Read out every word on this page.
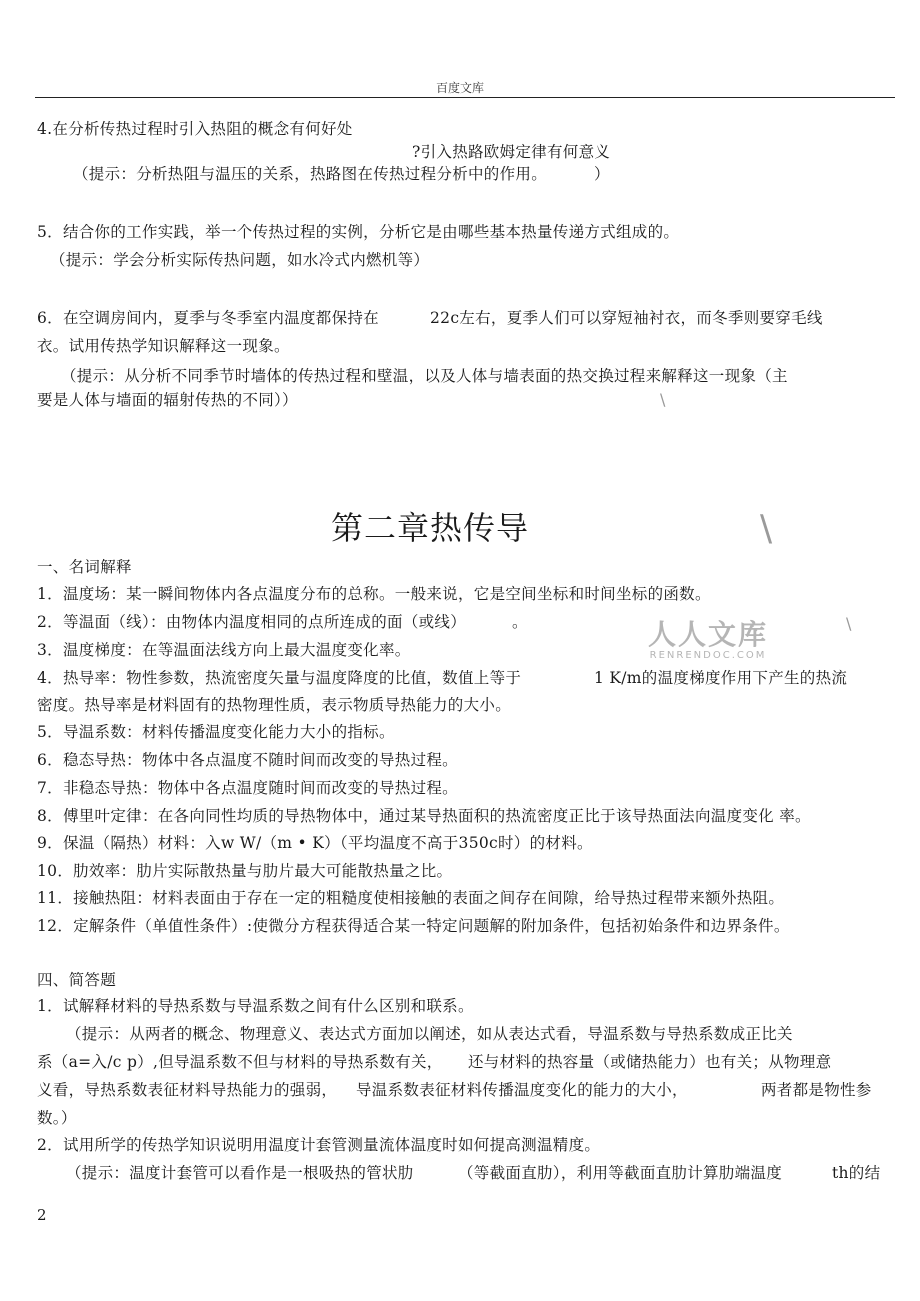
百度文库
4.在分析传热过程时引入热阻的概念有何好处
?引入热路欧姆定律有何意义
（提示：分析热阻与温压的关系，热路图在传热过程分析中的作用。	）
5．结合你的工作实践，举一个传热过程的实例，分析它是由哪些基本热量传递方式组成的。
（提示：学会分析实际传热问题，如水冷式内燃机等）
6．在空调房间内，夏季与冬季室内温度都保持在	22c左右，夏季人们可以穿短袖衬衣，而冬季则要穿毛线
衣。试用传热学知识解释这一现象。
（提示：从分析不同季节时墙体的传热过程和壁温，以及人体与墙表面的热交换过程来解释这一现象（主
要是人体与墙面的辐射传热的不同））	\
第二章热传导	\
一、名词解释
1．温度场：某一瞬间物体内各点温度分布的总称。一般来说，它是空间坐标和时间坐标的函数。
2．等温面（线）：由物体内温度相同的点所连成的面（或线）	。	\
3．温度梯度：在等温面法线方向上最大温度变化率。	人人文库
RENRENDOC.COM
4．热导率：物性参数，热流密度矢量与温度降度的比值，数值上等于	1 K/m的温度梯度作用下产生的热流
密度。热导率是材料固有的热物理性质，表示物质导热能力的大小。
5．导温系数：材料传播温度变化能力大小的指标。
6．稳态导热：物体中各点温度不随时间而改变的导热过程。
7．非稳态导热：物体中各点温度随时间而改变的导热过程。
8．傅里叶定律：在各向同性均质的导热物体中，通过某导热面积的热流密度正比于该导热面法向温度变化 率。
9．保温（隔热）材料：入w W/（m • K）（平均温度不高于350c时）的材料。
10．肋效率：肋片实际散热量与肋片最大可能散热量之比。
11．接触热阻：材料表面由于存在一定的粗糙度使相接触的表面之间存在间隙，给导热过程带来额外热阻。
12．定解条件（单值性条件）:使微分方程获得适合某一特定问题解的附加条件，包括初始条件和边界条件。
四、简答题
1．试解释材料的导热系数与导温系数之间有什么区别和联系。
（提示：从两者的概念、物理意义、表达式方面加以阐述，如从表达式看，导温系数与导热系数成正比关
系（a=入/c p）,但导温系数不但与材料的导热系数有关， 还与材料的热容量（或储热能力）也有关；从物理意
义看，导热系数表征材料导热能力的强弱， 导温系数表征材料传播温度变化的能力的大小，	两者都是物性参
数。）
2．试用所学的传热学知识说明用温度计套管测量流体温度时如何提高测温精度。
（提示：温度计套管可以看作是一根吸热的管状肋	（等截面直肋），利用等截面直肋计算肋端温度	th的结
2
